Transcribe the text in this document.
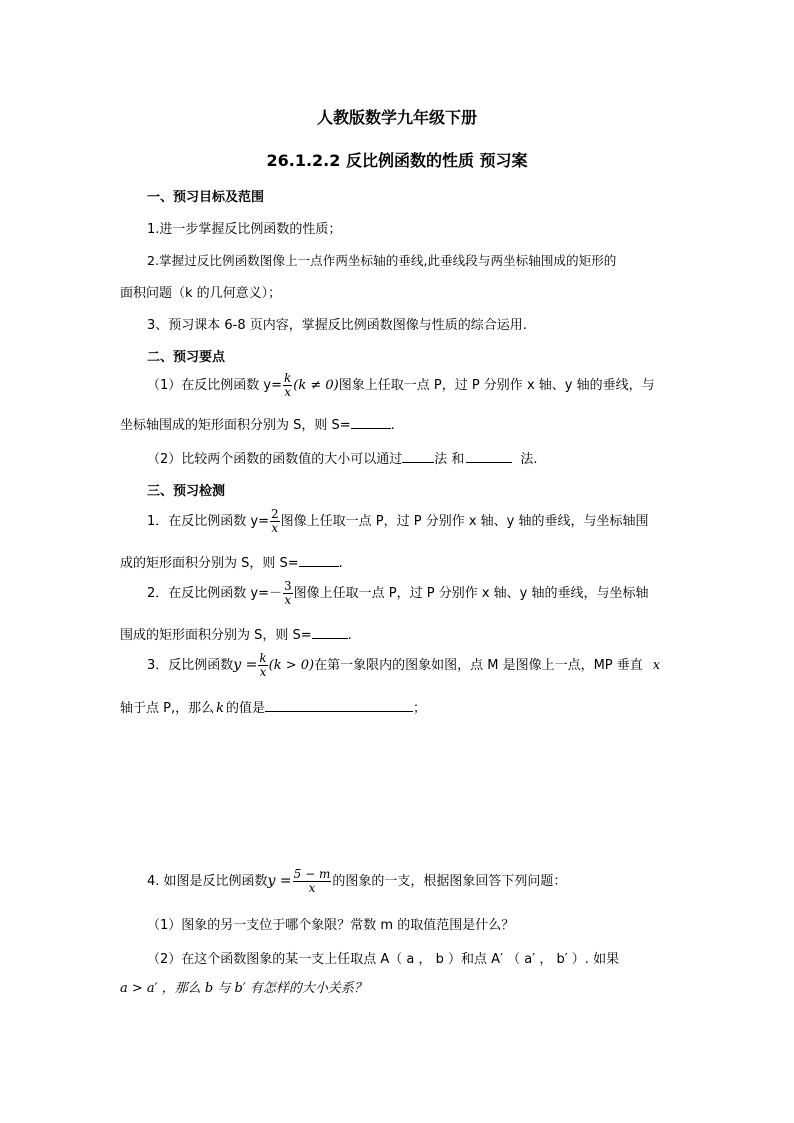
人教版数学九年级下册
26.1.2.2 反比例函数的性质 预习案
一、预习目标及范围
1.进一步掌握反比例函数的性质；
2.掌握过反比例函数图像上一点作两坐标轴的垂线,此垂线段与两坐标轴围成的矩形的
面积问题（k 的几何意义）；
3、预习课本 6-8 页内容，掌握反比例函数图像与性质的综合运用.
二、预习要点
（1）在反比例函数 $y= \frac{k}{x} (k \ne 0)$图象上任取一点 P，过 P 分别作 x 轴、y 轴的垂线，与
坐标轴围成的矩形面积分别为 S，则 S=	.
（2）比较两个函数的函数值的大小可以通过 法 和	法.
三、预习检测
1．在反比例函数 $y= \frac{2}{x}$ 图像上任取一点 P，过 P 分别作 x 轴、y 轴的垂线，与坐标轴围
成的矩形面积分别为 S，则 S=	.
2．在反比例函数 $y=- \frac{3}{x}$ 图像上任取一点 P，过 P 分别作 x 轴、y 轴的垂线，与坐标轴
围成的矩形面积分别为 S，则 S=	.
3．反比例函数$y = \frac{k}{x} (k > 0)$在第一象限内的图象如图，点 M 是图像上一点，MP 垂直 x
轴于点 P,，那么 k 的值是	；
4. 如图是反比例函数$y = \frac{5 - m}{x}$ 的图象的一支，根据图象回答下列问题：
（1）图象的另一支位于哪个象限？常数 m 的取值范围是什么？
（2）在这个函数图象的某一支上任取点 A（ a ， b ）和点 A′ （ a′ ， b′ ）. 如果
a > a′ ，那么 b 与 b′ 有怎样的大小关系？
